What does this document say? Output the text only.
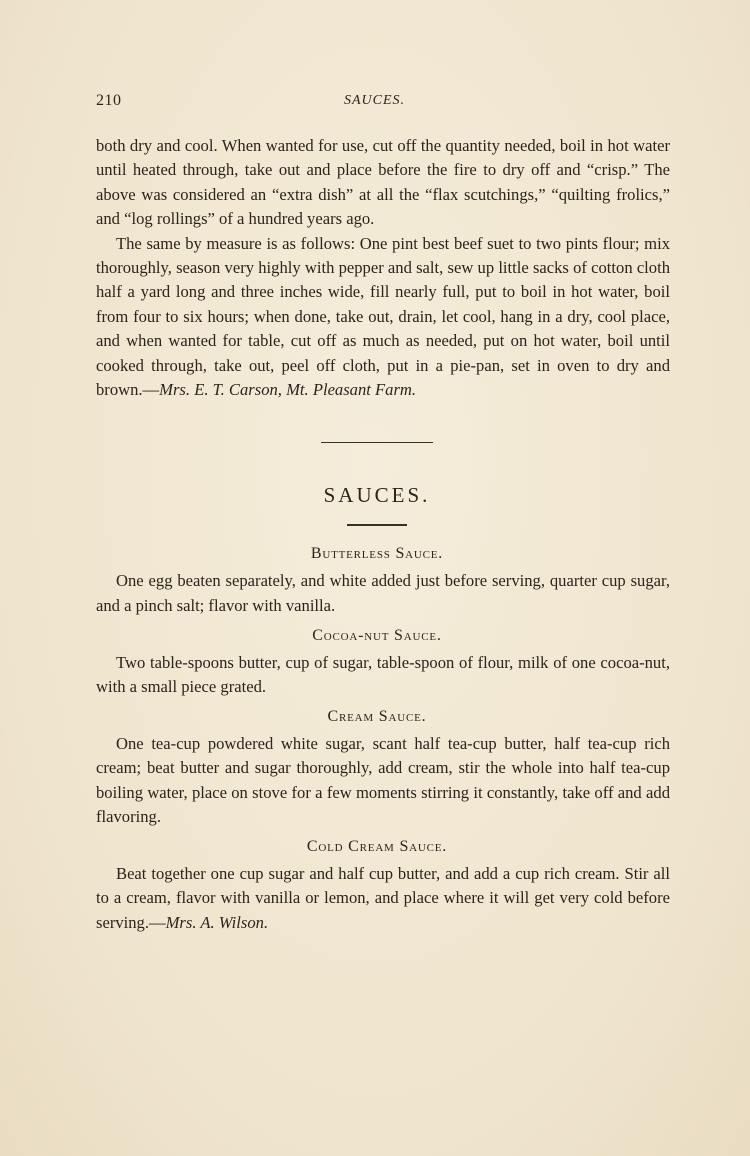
210	SAUCES.

both dry and cool. When wanted for use, cut off the quantity needed, boil in hot water until heated through, take out and place before the fire to dry off and “crisp.” The above was considered an “extra dish” at all the “flax scutchings,” “quilting frolics,” and “log rollings” of a hundred years ago.

The same by measure is as follows: One pint best beef suet to two pints flour; mix thoroughly, season very highly with pepper and salt, sew up little sacks of cotton cloth half a yard long and three inches wide, fill nearly full, put to boil in hot water, boil from four to six hours; when done, take out, drain, let cool, hang in a dry, cool place, and when wanted for table, cut off as much as needed, put on hot water, boil until cooked through, take out, peel off cloth, put in a pie-pan, set in oven to dry and brown.—Mrs. E. T. Carson, Mt. Pleasant Farm.

SAUCES.
Butterless Sauce.

One egg beaten separately, and white added just before serving, quarter cup sugar, and a pinch salt; flavor with vanilla.

Cocoa-nut Sauce.

Two table-spoons butter, cup of sugar, table-spoon of flour, milk of one cocoa-nut, with a small piece grated.

Cream Sauce.

One tea-cup powdered white sugar, scant half tea-cup butter, half tea-cup rich cream; beat butter and sugar thoroughly, add cream, stir the whole into half tea-cup boiling water, place on stove for a few moments stirring it constantly, take off and add flavoring.

Cold Cream Sauce.

Beat together one cup sugar and half cup butter, and add a cup rich cream. Stir all to a cream, flavor with vanilla or lemon, and place where it will get very cold before serving.—Mrs. A. Wilson.
